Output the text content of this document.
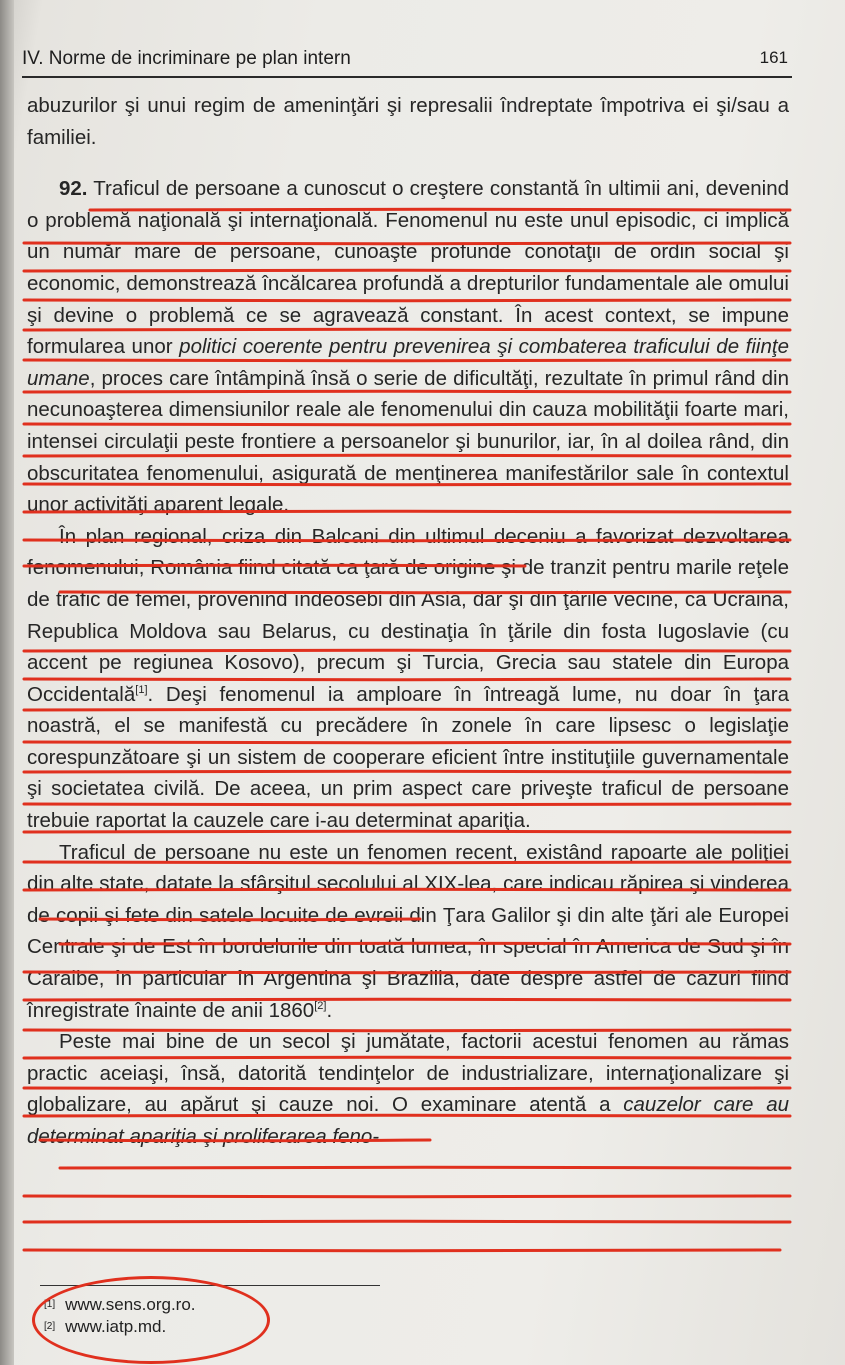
IV. Norme de incriminare pe plan intern	161

abuzurilor şi unui regim de ameninţări şi represalii îndreptate împotriva ei şi/sau a familiei.

92. Traficul de persoane a cunoscut o creştere constantă în ultimii ani, devenind o problemă naţională şi internaţională. Fenomenul nu este unul episodic, ci implică un număr mare de persoane, cunoaşte profunde conotaţii de ordin social şi economic, demonstrează încălcarea profundă a drepturilor fundamentale ale omului şi devine o problemă ce se agravează constant. În acest context, se impune formularea unor politici coerente pentru prevenirea şi combaterea traficului de fiinţe umane, proces care întâmpină însă o serie de dificultăţi, rezultate în primul rând din necunoaşterea dimensiunilor reale ale fenomenului din cauza mobilităţii foarte mari, intensei circulaţii peste frontiere a persoanelor şi bunurilor, iar, în al doilea rând, din obscuritatea fenomenului, asigurată de menţinerea manifestărilor sale în contextul unor activităţi aparent legale.

În plan regional, criza din Balcani din ultimul deceniu a favorizat dezvoltarea fenomenului, România fiind citată ca ţară de origine şi de tranzit pentru marile reţele de trafic de femei, provenind îndeosebi din Asia, dar şi din ţările vecine, ca Ucraina, Republica Moldova sau Belarus, cu destinaţia în ţările din fosta Iugoslavie (cu accent pe regiunea Kosovo), precum şi Turcia, Grecia sau statele din Europa Occidentală[1]. Deşi fenomenul ia amploare în întreagă lume, nu doar în ţara noastră, el se manifestă cu precădere în zonele în care lipsesc o legislaţie corespunzătoare şi un sistem de cooperare eficient între instituţiile guvernamentale şi societatea civilă. De aceea, un prim aspect care priveşte traficul de persoane trebuie raportat la cauzele care i-au determinat apariţia.

Traficul de persoane nu este un fenomen recent, existând rapoarte ale poliţiei din alte state, datate la sfârşitul secolului al XIX-lea, care indicau răpirea şi vinderea de copii şi fete din satele locuite de evreii din Ţara Galilor şi din alte ţări ale Europei Centrale şi de Est în bordelurile din toată lumea, în special în America de Sud şi în Caraibe, în particular în Argentina şi Brazilia, date despre astfel de cazuri fiind înregistrate înainte de anii 1860[2].

Peste mai bine de un secol şi jumătate, factorii acestui fenomen au rămas practic aceiaşi, însă, datorită tendinţelor de industrializare, internaţionalizare şi globalizare, au apărut şi cauze noi. O examinare atentă a cauzelor care au determinat apariţia şi proliferarea feno-

[1] www.sens.org.ro.
[2] www.iatp.md.
